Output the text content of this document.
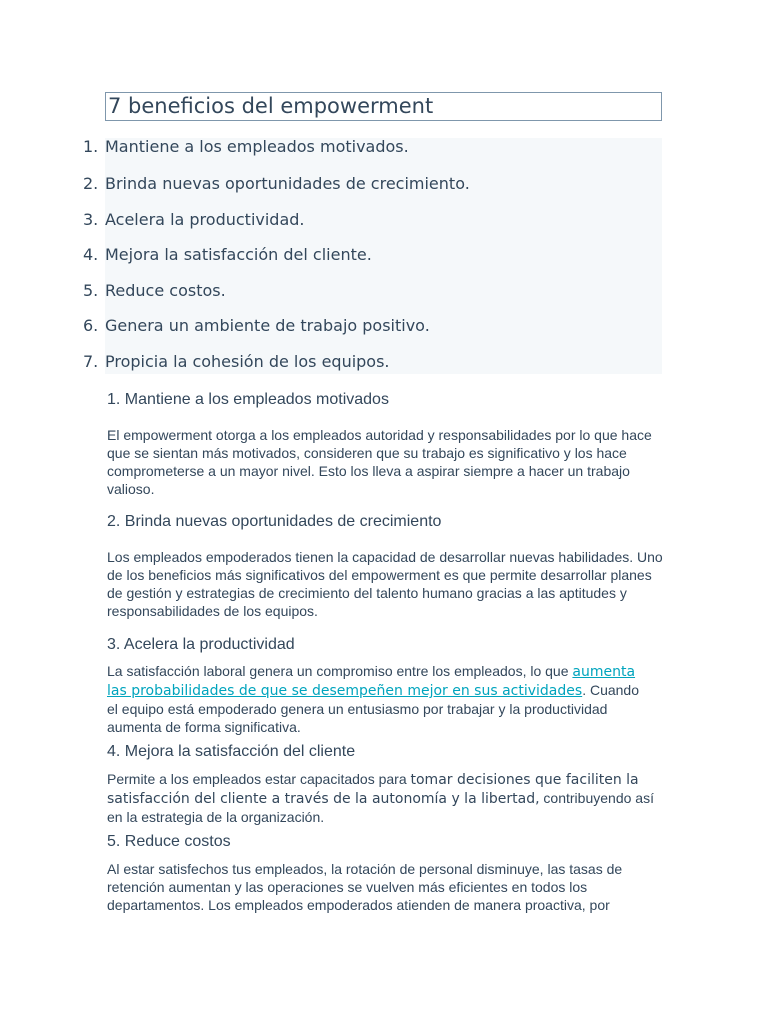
7 beneficios del empowerment
1. Mantiene a los empleados motivados.
2. Brinda nuevas oportunidades de crecimiento.
3. Acelera la productividad.
4. Mejora la satisfacción del cliente.
5. Reduce costos.
6. Genera un ambiente de trabajo positivo.
7. Propicia la cohesión de los equipos.
1. Mantiene a los empleados motivados

El empowerment otorga a los empleados autoridad y responsabilidades por lo que hace que se sientan más motivados, consideren que su trabajo es significativo y los hace comprometerse a un mayor nivel. Esto los lleva a aspirar siempre a hacer un trabajo valioso.

2. Brinda nuevas oportunidades de crecimiento

Los empleados empoderados tienen la capacidad de desarrollar nuevas habilidades. Uno de los beneficios más significativos del empowerment es que permite desarrollar planes de gestión y estrategias de crecimiento del talento humano gracias a las aptitudes y responsabilidades de los equipos.

3. Acelera la productividad

La satisfacción laboral genera un compromiso entre los empleados, lo que aumenta las probabilidades de que se desempeñen mejor en sus actividades. Cuando el equipo está empoderado genera un entusiasmo por trabajar y la productividad aumenta de forma significativa.

4. Mejora la satisfacción del cliente

Permite a los empleados estar capacitados para tomar decisiones que faciliten la satisfacción del cliente a través de la autonomía y la libertad, contribuyendo así en la estrategia de la organización.

5. Reduce costos

Al estar satisfechos tus empleados, la rotación de personal disminuye, las tasas de retención aumentan y las operaciones se vuelven más eficientes en todos los departamentos. Los empleados empoderados atienden de manera proactiva, por
